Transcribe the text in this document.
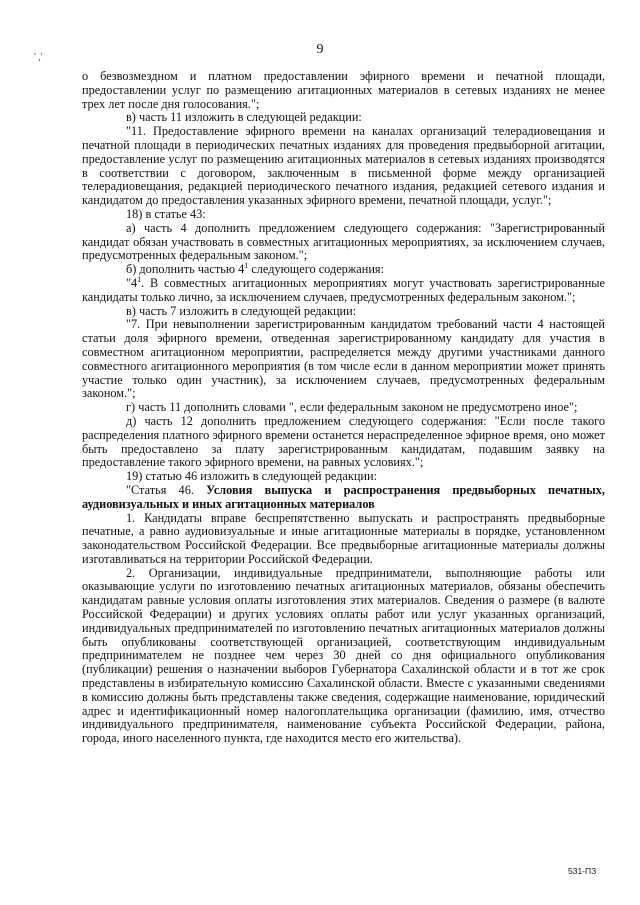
9
' ,'

о безвозмездном и платном предоставлении эфирного времени и печатной площади, предоставлении услуг по размещению агитационных материалов в сетевых изданиях не менее трех лет после дня голосования.";

в) часть 11 изложить в следующей редакции:

"11. Предоставление эфирного времени на каналах организаций телерадиовещания и печатной площади в периодических печатных изданиях для проведения предвыборной агитации, предоставление услуг по размещению агитационных материалов в сетевых изданиях производятся в соответствии с договором, заключенным в письменной форме между организацией телерадиовещания, редакцией периодического печатного издания, редакцией сетевого издания и кандидатом до предоставления указанных эфирного времени, печатной площади, услуг.";

18) в статье 43:

а) часть 4 дополнить предложением следующего содержания: "Зарегистрированный кандидат обязан участвовать в совместных агитационных мероприятиях, за исключением случаев, предусмотренных федеральным законом.";

б) дополнить частью $4^1$ следующего содержания:

"$4^1$. В совместных агитационных мероприятиях могут участвовать зарегистрированные кандидаты только лично, за исключением случаев, предусмотренных федеральным законом.";

в) часть 7 изложить в следующей редакции:

"7. При невыполнении зарегистрированным кандидатом требований части 4 настоящей статьи доля эфирного времени, отведенная зарегистрированному кандидату для участия в совместном агитационном мероприятии, распределяется между другими участниками данного совместного агитационного мероприятия (в том числе если в данном мероприятии может принять участие только один участник), за исключением случаев, предусмотренных федеральным законом.";

г) часть 11 дополнить словами ", если федеральным законом не предусмотрено иное";

д) часть 12 дополнить предложением следующего содержания: "Если после такого распределения платного эфирного времени останется нераспределенное эфирное время, оно может быть предоставлено за плату зарегистрированным кандидатам, подавшим заявку на предоставление такого эфирного времени, на равных условиях.";

19) статью 46 изложить в следующей редакции:

"Статья 46. Условия выпуска и распространения предвыборных печатных, аудиовизуальных и иных агитационных материалов

1. Кандидаты вправе беспрепятственно выпускать и распространять предвыборные печатные, а равно аудиовизуальные и иные агитационные материалы в порядке, установленном законодательством Российской Федерации. Все предвыборные агитационные материалы должны изготавливаться на территории Российской Федерации.

2. Организации, индивидуальные предприниматели, выполняющие работы или оказывающие услуги по изготовлению печатных агитационных материалов, обязаны обеспечить кандидатам равные условия оплаты изготовления этих материалов. Сведения о размере (в валюте Российской Федерации) и других условиях оплаты работ или услуг указанных организаций, индивидуальных предпринимателей по изготовлению печатных агитационных материалов должны быть опубликованы соответствующей организацией, соответствующим индивидуальным предпринимателем не позднее чем через 30 дней со дня официального опубликования (публикации) решения о назначении выборов Губернатора Сахалинской области и в тот же срок представлены в избирательную комиссию Сахалинской области. Вместе с указанными сведениями в комиссию должны быть представлены также сведения, содержащие наименование, юридический адрес и идентификационный номер налогоплательщика организации (фамилию, имя, отчество индивидуального предпринимателя, наименование субъекта Российской Федерации, района, города, иного населенного пункта, где находится место его жительства).

531-ПЗ
